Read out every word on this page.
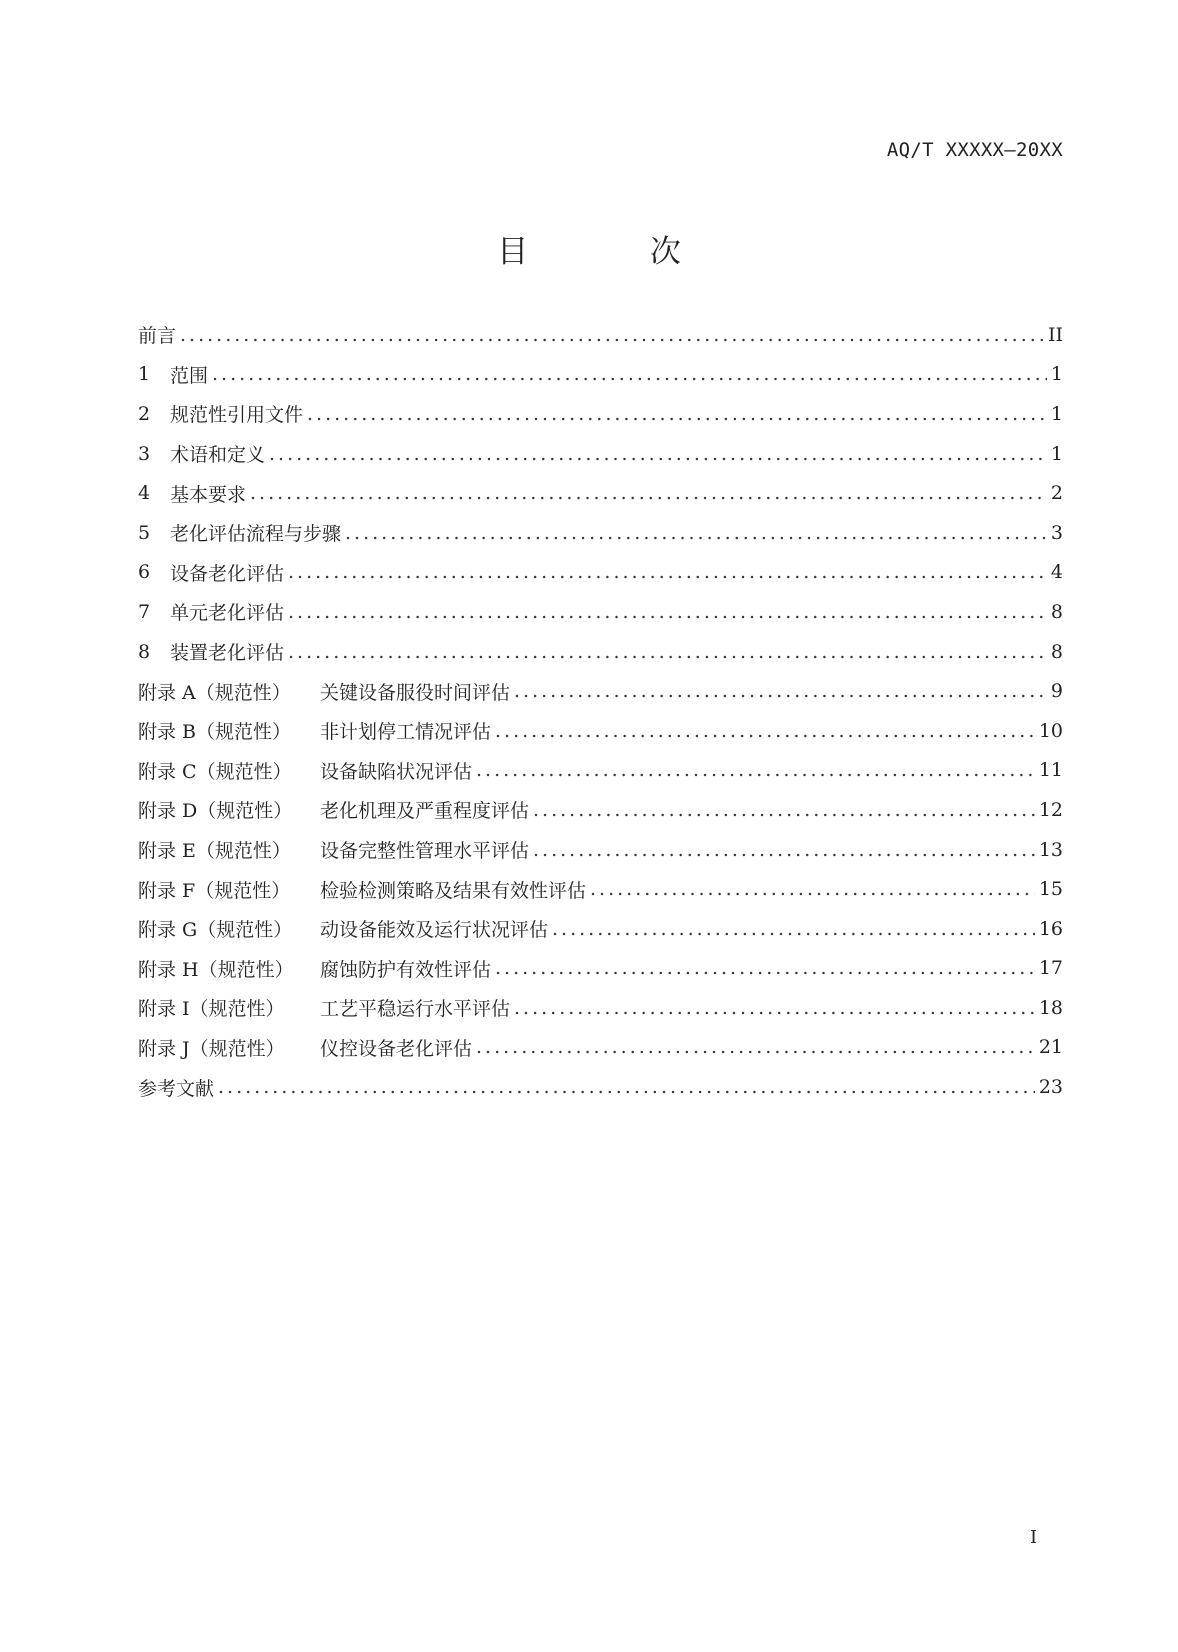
AQ/T XXXXX—20XX
目 次
前言 .....	II
1	范围 .....	1
2	规范性引用文件 .....	1
3	术语和定义 .....	1
4	基本要求 .....	2
5	老化评估流程与步骤 .....	3
6	设备老化评估 .....	4
7	单元老化评估 .....	8
8	装置老化评估 .....	8
附录 A（规范性）	关键设备服役时间评估 .....	9
附录 B（规范性）	非计划停工情况评估 .....	10
附录 C（规范性）	设备缺陷状况评估 .....	11
附录 D（规范性）	老化机理及严重程度评估 .....	12
附录 E（规范性）	设备完整性管理水平评估 .....	13
附录 F（规范性）	检验检测策略及结果有效性评估 .....	15
附录 G（规范性）	动设备能效及运行状况评估 .....	16
附录 H（规范性）	腐蚀防护有效性评估 .....	17
附录 I（规范性）	工艺平稳运行水平评估 .....	18
附录 J（规范性）	仪控设备老化评估 .....	21
参考文献 .....	23
I
